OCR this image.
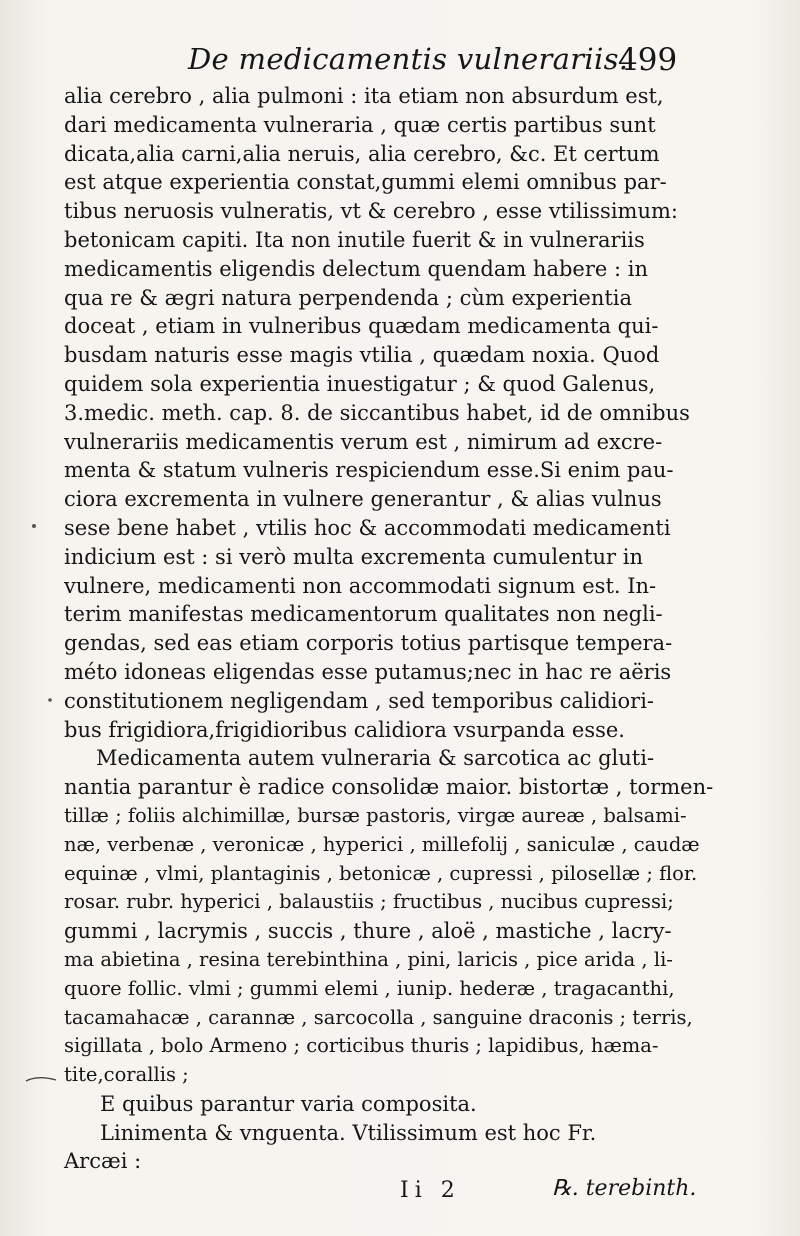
De medicamentis vulnerariis.
499
alia cerebro , alia pulmoni : ita etiam non absurdum est,
dari medicamenta vulneraria , quæ certis partibus sunt
dicata,alia carni,alia neruis, alia cerebro, &c. Et certum
est atque experientia constat,gummi elemi omnibus par-
tibus neruosis vulneratis, vt & cerebro , esse vtilissimum:
betonicam capiti. Ita non inutile fuerit & in vulnerariis
medicamentis eligendis delectum quendam habere : in
qua re & ægri natura perpendenda ; cùm experientia
doceat , etiam in vulneribus quædam medicamenta qui-
busdam naturis esse magis vtilia , quædam noxia. Quod
quidem sola experientia inuestigatur ; & quod Galenus,
3.medic. meth. cap. 8. de siccantibus habet, id de omnibus
vulnerariis medicamentis verum est , nimirum ad excre-
menta & statum vulneris respiciendum esse.Si enim pau-
ciora excrementa in vulnere generantur , & alias vulnus
sese bene habet , vtilis hoc & accommodati medicamenti
indicium est : si verò multa excrementa cumulentur in
vulnere, medicamenti non accommodati signum est. In-
terim manifestas medicamentorum qualitates non negli-
gendas, sed eas etiam corporis totius partisque tempera-
méto idoneas eligendas esse putamus;nec in hac re aëris
constitutionem negligendam , sed temporibus calidiori-
bus frigidiora,frigidioribus calidiora vsurpanda esse.
Medicamenta autem vulneraria & sarcotica ac gluti-
nantia parantur è radice consolidæ maior. bistortæ , tormen-
tillæ ; foliis alchimillæ, bursæ pastoris, virgæ aureæ , balsami-
næ, verbenæ , veronicæ , hyperici , millefolij , saniculæ , caudæ
equinæ , vlmi, plantaginis , betonicæ , cupressi , pilosellæ ; flor.
rosar. rubr. hyperici , balaustiis ; fructibus , nucibus cupressi;
gummi , lacrymis , succis , thure , aloë , mastiche , lacry-
ma abietina , resina terebinthina , pini, laricis , pice arida , li-
quore follic. vlmi ; gummi elemi , iunip. hederæ , tragacanthi,
tacamahacæ , carannæ , sarcocolla , sanguine draconis ; terris,
sigillata , bolo Armeno ; corticibus thuris ; lapidibus, hæma-
tite,corallis ;
E quibus parantur varia composita.
Linimenta & vnguenta. Vtilissimum est hoc Fr.
Arcæi :
Ii 2	℞. terebinth.
